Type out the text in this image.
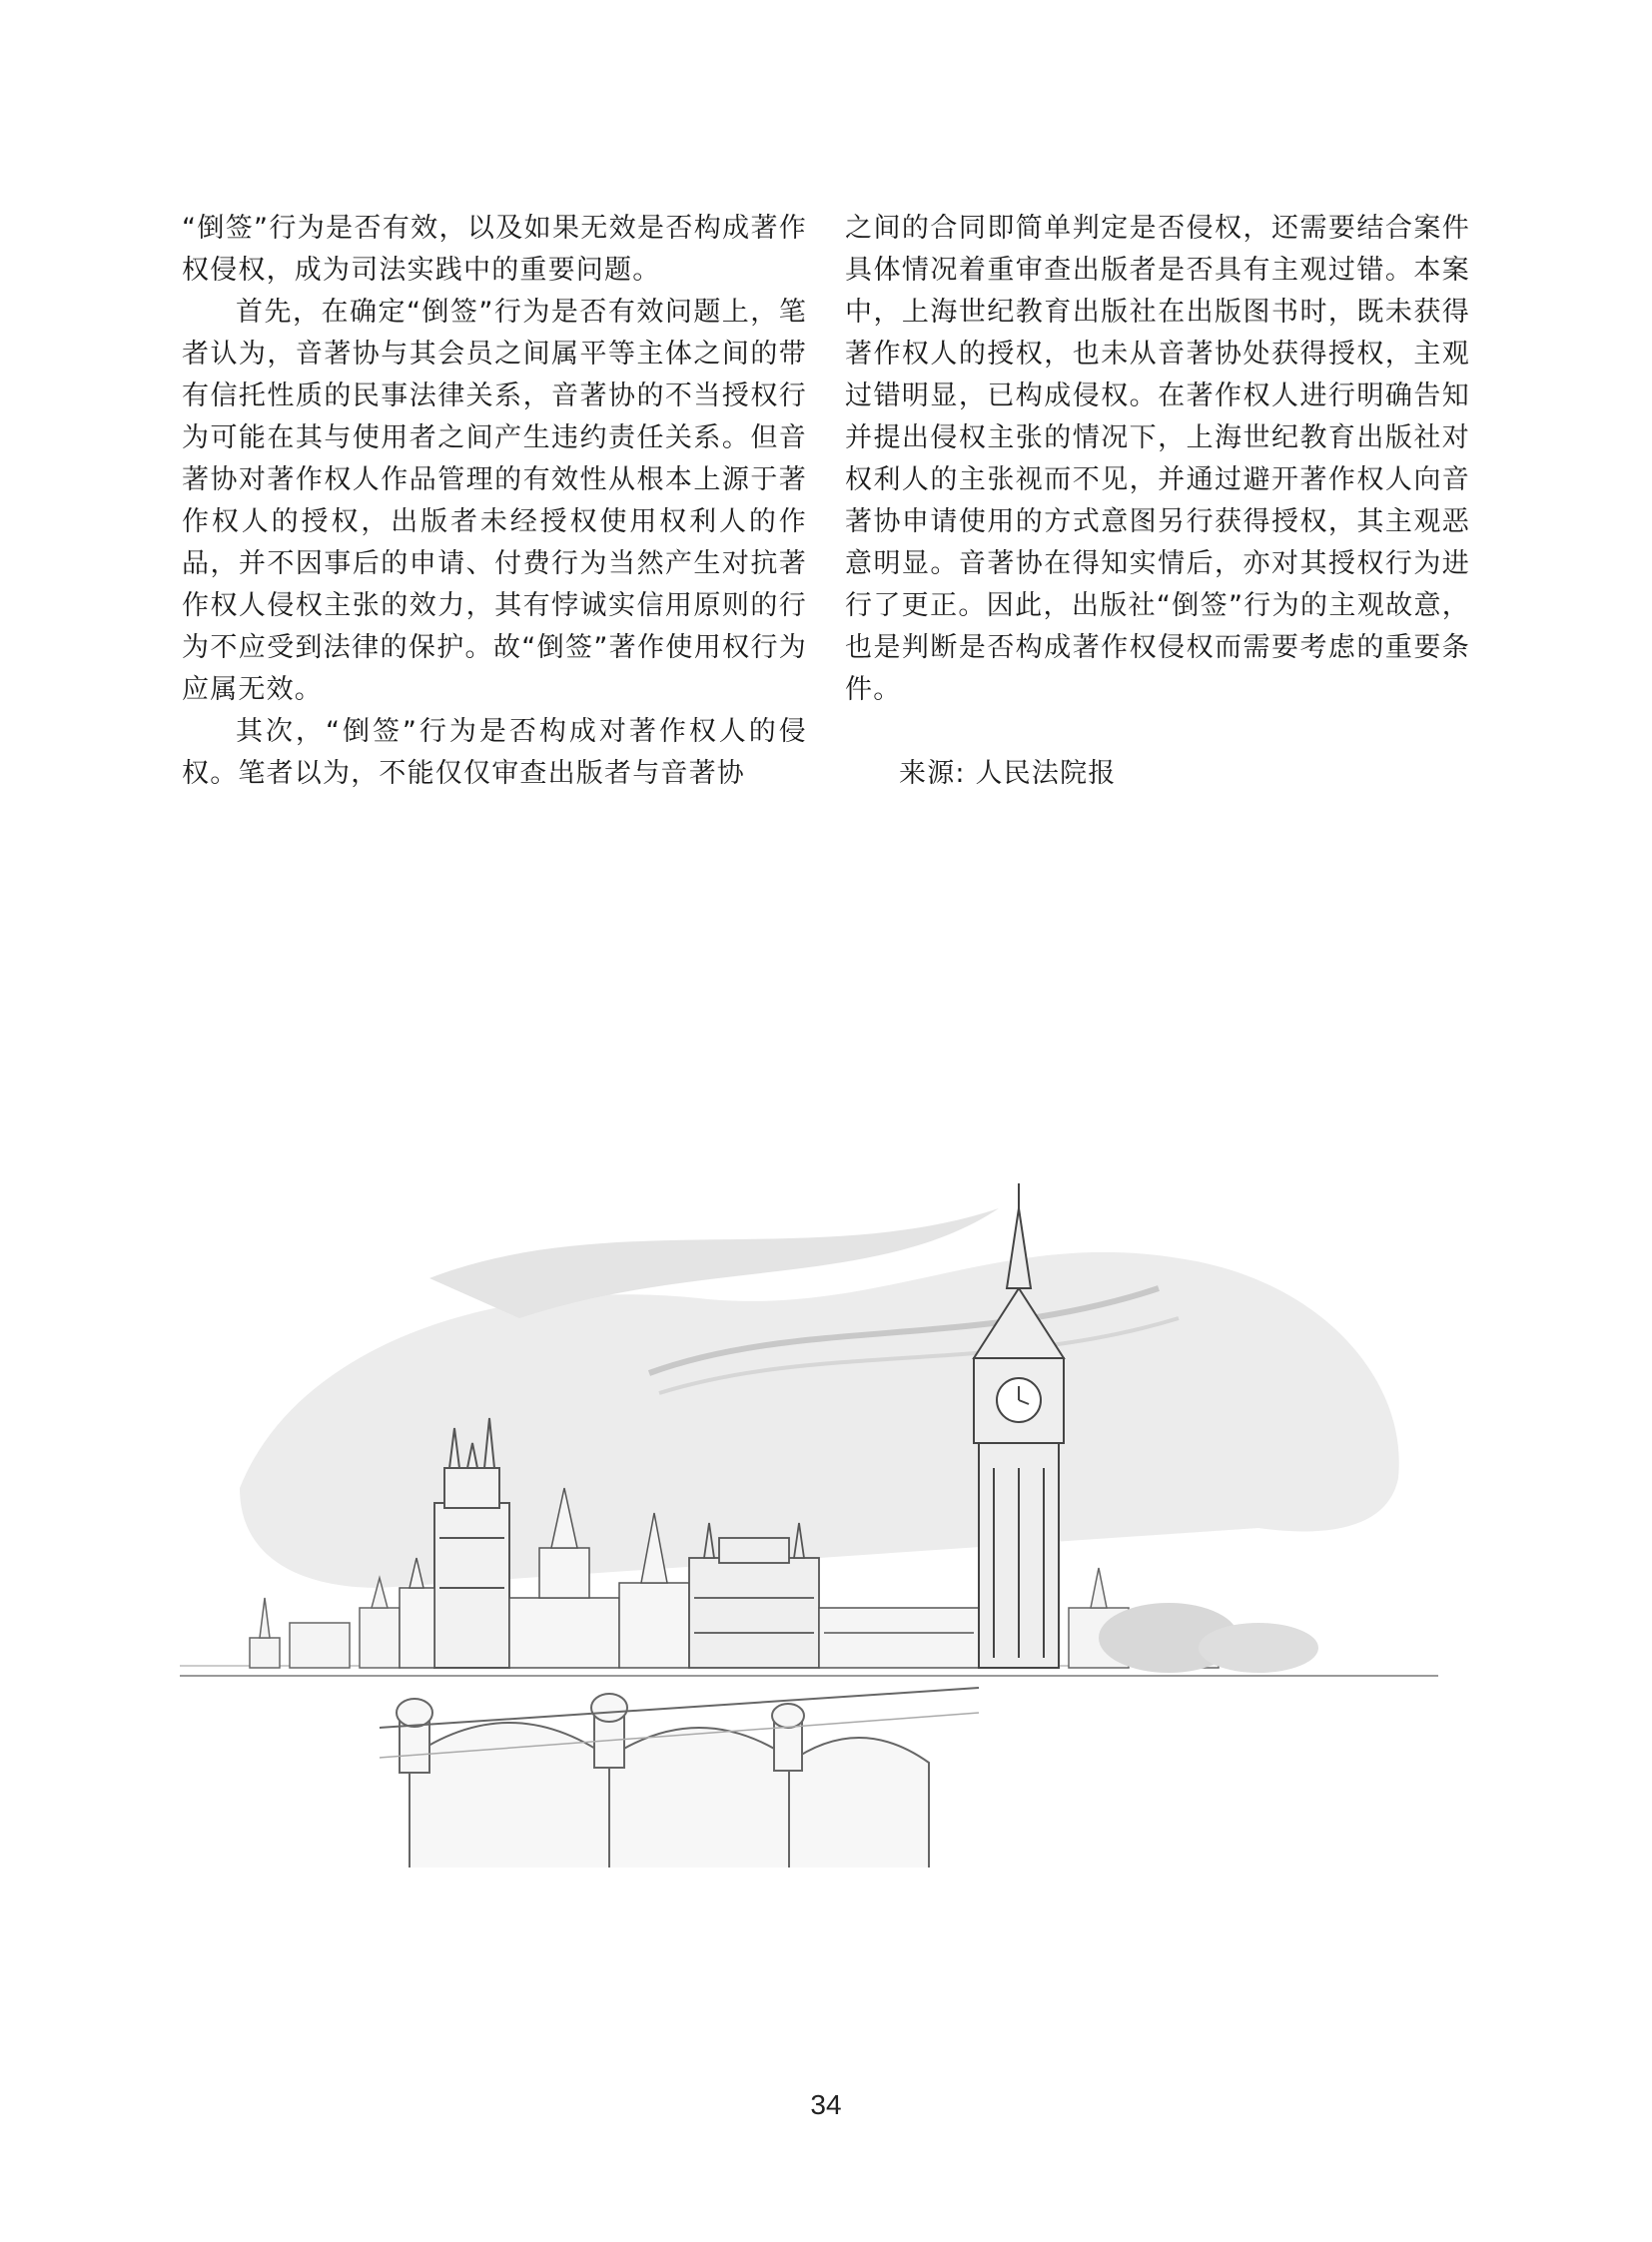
“倒签”行为是否有效，以及如果无效是否构成著作权侵权，成为司法实践中的重要问题。

首先，在确定“倒签”行为是否有效问题上，笔者认为，音著协与其会员之间属平等主体之间的带有信托性质的民事法律关系，音著协的不当授权行为可能在其与使用者之间产生违约责任关系。但音著协对著作权人作品管理的有效性从根本上源于著作权人的授权，出版者未经授权使用权利人的作品，并不因事后的申请、付费行为当然产生对抗著作权人侵权主张的效力，其有悖诚实信用原则的行为不应受到法律的保护。故“倒签”著作使用权行为应属无效。

其次，“倒签”行为是否构成对著作权人的侵权。笔者以为，不能仅仅审查出版者与音著协

之间的合同即简单判定是否侵权，还需要结合案件具体情况着重审查出版者是否具有主观过错。本案中，上海世纪教育出版社在出版图书时，既未获得著作权人的授权，也未从音著协处获得授权，主观过错明显，已构成侵权。在著作权人进行明确告知并提出侵权主张的情况下，上海世纪教育出版社对权利人的主张视而不见，并通过避开著作权人向音著协申请使用的方式意图另行获得授权，其主观恶意明显。音著协在得知实情后，亦对其授权行为进行了更正。因此，出版社“倒签”行为的主观故意，也是判断是否构成著作权侵权而需要考虑的重要条件。

来源: 人民法院报

34
